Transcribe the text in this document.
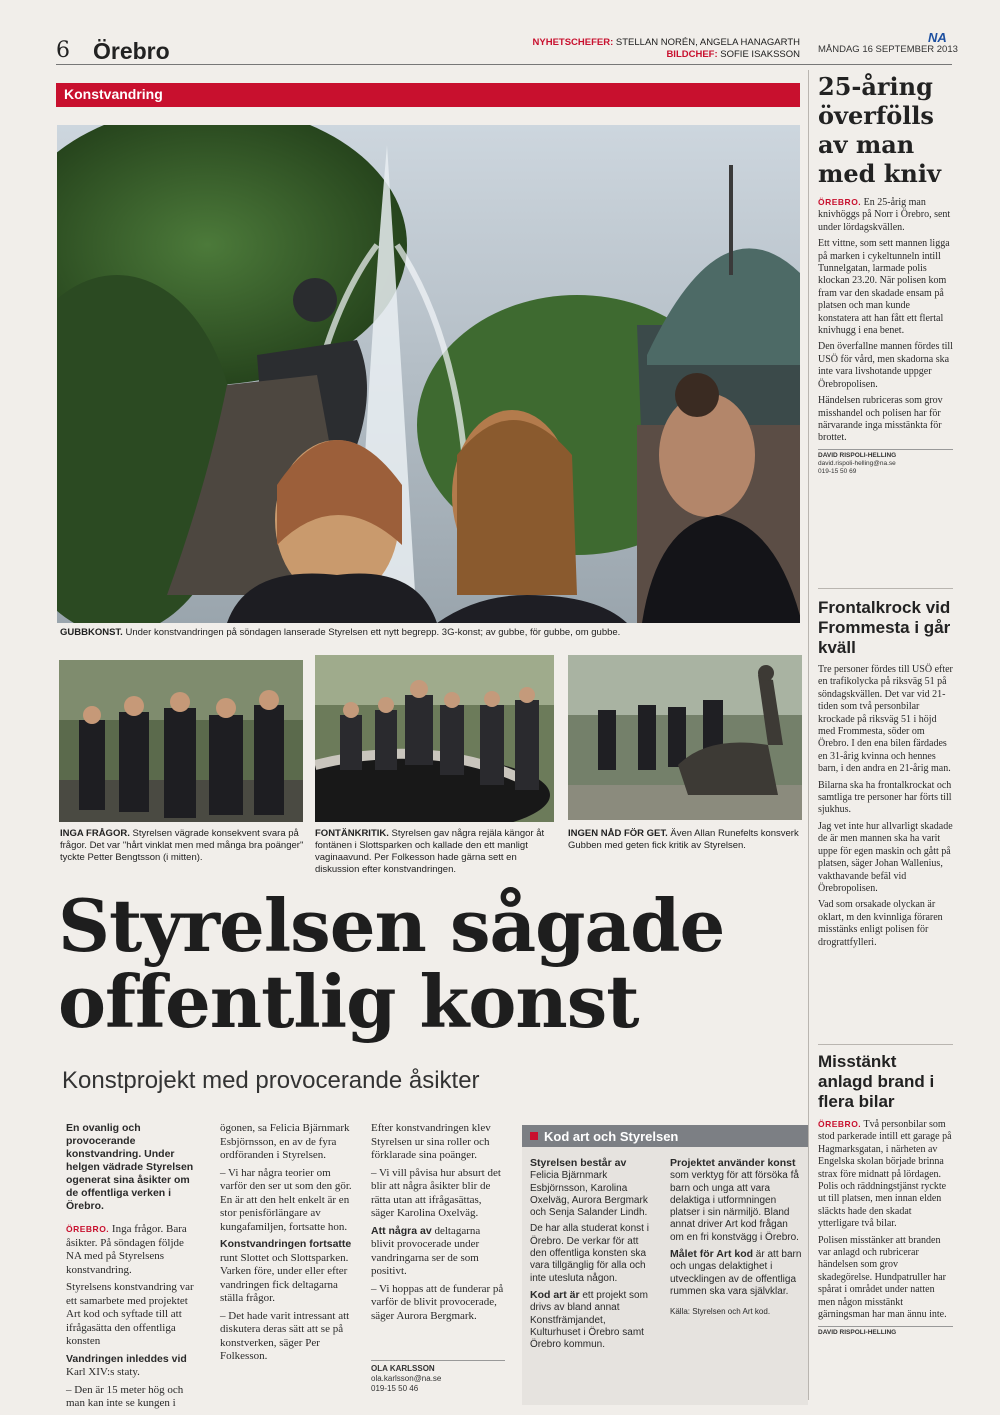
6 Örebro	NYHETSCHEFER: STELLAN NORÉN, ANGELA HANAGARTH
BILDCHEF: SOFIE ISAKSSON
NA
MÅNDAG 16 SEPTEMBER 2013
Konstvandring
GUBBKONST. Under konstvandringen på söndagen lanserade Styrelsen ett nytt begrepp. 3G-konst; av gubbe, för gubbe, om gubbe.
INGA FRÅGOR. Styrelsen vägrade konsekvent svara på frågor. Det var "hårt vinklat men med många bra poänger" tyckte Petter Bengtsson (i mitten).
FONTÄNKRITIK. Styrelsen gav några rejäla kängor åt fontänen i Slottsparken och kallade den ett manligt vaginaavund. Per Folkesson hade gärna sett en diskussion efter konstvandringen.
INGEN NÅD FÖR GET. Även Allan Runefelts konsverk Gubben med geten fick kritik av Styrelsen.
Styrelsen sågade
offentlig konst
Konstprojekt med provocerande åsikter

En ovanlig och provocerande konstvandring. Under helgen vädrade Styrelsen ogenerat sina åsikter om de offentliga verken i Örebro.

ÖREBRO. Inga frågor. Bara åsikter. På söndagen följde NA med på Styrelsens konstvandring.

Styrelsens konstvandring var ett samarbete med projektet Art kod och syftade till att ifrågasätta den offentliga konsten

Vandringen inleddes vid Karl XIV:s staty.

– Den är 15 meter hög och man kan inte se kungen i

ögonen, sa Felicia Bjärnmark Esbjörnsson, en av de fyra ordföranden i Styrelsen.

– Vi har några teorier om varför den ser ut som den gör. En är att den helt enkelt är en stor penisförlängare av kungafamiljen, fortsatte hon.

Konstvandringen fortsatte runt Slottet och Slottsparken. Varken före, under eller efter vandringen fick deltagarna ställa frågor.

– Det hade varit intressant att diskutera deras sätt att se på konstverken, säger Per Folkesson.

Efter konstvandringen klev Styrelsen ur sina roller och förklarade sina poänger.

– Vi vill påvisa hur absurt det blir att några åsikter blir de rätta utan att ifrågasättas, säger Karolina Oxelväg.

Att några av deltagarna blivit provocerade under vandringarna ser de som positivt.

– Vi hoppas att de funderar på varför de blivit provocerade, säger Aurora Bergmark.

OLA KARLSSON
ola.karlsson@na.se
019-15 50 46
Kod art och Styrelsen

Styrelsen består av Felicia Bjärnmark Esbjörnsson, Karolina Oxelväg, Aurora Bergmark och Senja Salander Lindh.

De har alla studerat konst i Örebro. De verkar för att den offentliga konsten ska vara tillgänglig för alla och inte utesluta någon.

Kod art är ett projekt som drivs av bland annat Konstfrämjandet, Kulturhuset i Örebro samt Örebro kommun.

Projektet använder konst som verktyg för att försöka få barn och unga att vara delaktiga i utformningen platser i sin närmiljö. Bland annat driver Art kod frågan om en fri konstvägg i Örebro.

Målet för Art kod är att barn och ungas delaktighet i utvecklingen av de offentliga rummen ska vara självklar.

Källa: Styrelsen och Art kod.

25-åring överfölls av man med kniv

ÖREBRO. En 25-årig man knivhöggs på Norr i Örebro, sent under lördagskvällen.

Ett vittne, som sett mannen ligga på marken i cykeltunneln intill Tunnelgatan, larmade polis klockan 23.20. När polisen kom fram var den skadade ensam på platsen och man kunde konstatera att han fått ett flertal knivhugg i ena benet.

Den överfallne mannen fördes till USÖ för vård, men skadorna ska inte vara livshotande uppger Örebropolisen.

Händelsen rubriceras som grov misshandel och polisen har för närvarande inga misstänkta för brottet.

DAVID RISPOLI-HELLING
david.rispoli-helling@na.se
019-15 50 69
Frontalkrock vid Frommesta i går kväll

Tre personer fördes till USÖ efter en trafikolycka på riksväg 51 på söndagskvällen. Det var vid 21-tiden som två personbilar krockade på riksväg 51 i höjd med Frommesta, söder om Örebro. I den ena bilen färdades en 31-årig kvinna och hennes barn, i den andra en 21-årig man.

Bilarna ska ha frontalkrockat och samtliga tre personer har förts till sjukhus.

Jag vet inte hur allvarligt skadade de är men mannen ska ha varit uppe för egen maskin och gått på platsen, säger Johan Wallenius, vakthavande befäl vid Örebropolisen.

Vad som orsakade olyckan är oklart, m den kvinnliga föraren misstänks enligt polisen för drograttfylleri.

Misstänkt anlagd brand i flera bilar

ÖREBRO. Två personbilar som stod parkerade intill ett garage på Hagmarksgatan, i närheten av Engelska skolan började brinna strax före midnatt på lördagen. Polis och räddningstjänst ryckte ut till platsen, men innan elden släckts hade den skadat ytterligare två bilar.

Polisen misstänker att branden var anlagd och rubricerar händelsen som grov skadegörelse. Hundpatruller har spårat i området under natten men någon misstänkt gärningsman har man ännu inte.

DAVID RISPOLI-HELLING
